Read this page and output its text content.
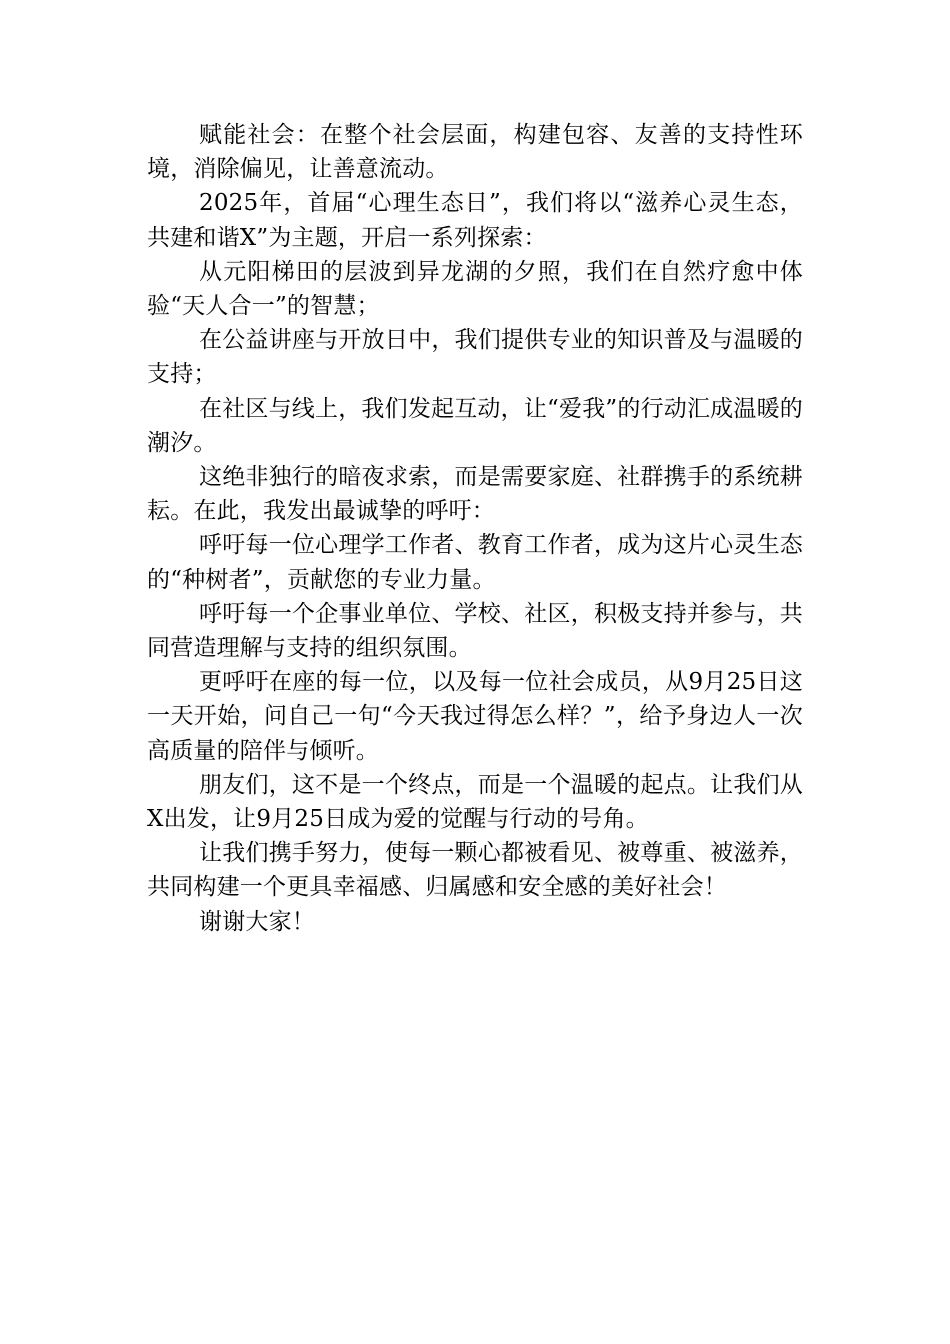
赋能社会：在整个社会层面，构建包容、友善的支持性环境，消除偏见，让善意流动。

2025年，首届“心理生态日”，我们将以“滋养心灵生态，共建和谐X”为主题，开启一系列探索：

从元阳梯田的层波到异龙湖的夕照，我们在自然疗愈中体验“天人合一”的智慧；

在公益讲座与开放日中，我们提供专业的知识普及与温暖的支持；

在社区与线上，我们发起互动，让“爱我”的行动汇成温暖的潮汐。

这绝非独行的暗夜求索，而是需要家庭、社群携手的系统耕耘。在此，我发出最诚挚的呼吁：

呼吁每一位心理学工作者、教育工作者，成为这片心灵生态的“种树者”，贡献您的专业力量。

呼吁每一个企事业单位、学校、社区，积极支持并参与，共同营造理解与支持的组织氛围。

更呼吁在座的每一位，以及每一位社会成员，从9月25日这一天开始，问自己一句“今天我过得怎么样？”，给予身边人一次高质量的陪伴与倾听。

朋友们，这不是一个终点，而是一个温暖的起点。让我们从X出发，让9月25日成为爱的觉醒与行动的号角。

让我们携手努力，使每一颗心都被看见、被尊重、被滋养，共同构建一个更具幸福感、归属感和安全感的美好社会！

谢谢大家！
